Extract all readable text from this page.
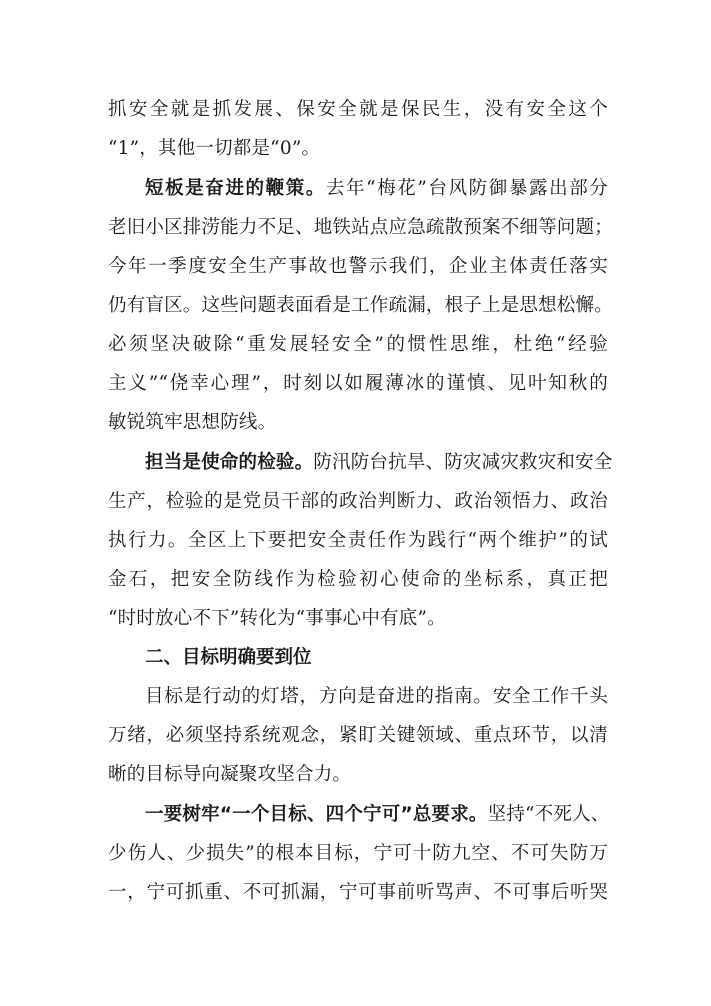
抓安全就是抓发展、保安全就是保民生，没有安全这个
“1”，其他一切都是“0”。
短板是奋进的鞭策。去年“梅花”台风防御暴露出部分
老旧小区排涝能力不足、地铁站点应急疏散预案不细等问题；
今年一季度安全生产事故也警示我们，企业主体责任落实
仍有盲区。这些问题表面看是工作疏漏，根子上是思想松懈。
必须坚决破除“重发展轻安全”的惯性思维，杜绝“经验
主义”“侥幸心理”，时刻以如履薄冰的谨慎、见叶知秋的
敏锐筑牢思想防线。
担当是使命的检验。防汛防台抗旱、防灾减灾救灾和安全
生产，检验的是党员干部的政治判断力、政治领悟力、政治
执行力。全区上下要把安全责任作为践行“两个维护”的试
金石，把安全防线作为检验初心使命的坐标系，真正把
“时时放心不下”转化为“事事心中有底”。
二、目标明确要到位
目标是行动的灯塔，方向是奋进的指南。安全工作千头
万绪，必须坚持系统观念，紧盯关键领域、重点环节，以清
晰的目标导向凝聚攻坚合力。
一要树牢“一个目标、四个宁可”总要求。坚持“不死人、
少伤人、少损失”的根本目标，宁可十防九空、不可失防万
一，宁可抓重、不可抓漏，宁可事前听骂声、不可事后听哭
